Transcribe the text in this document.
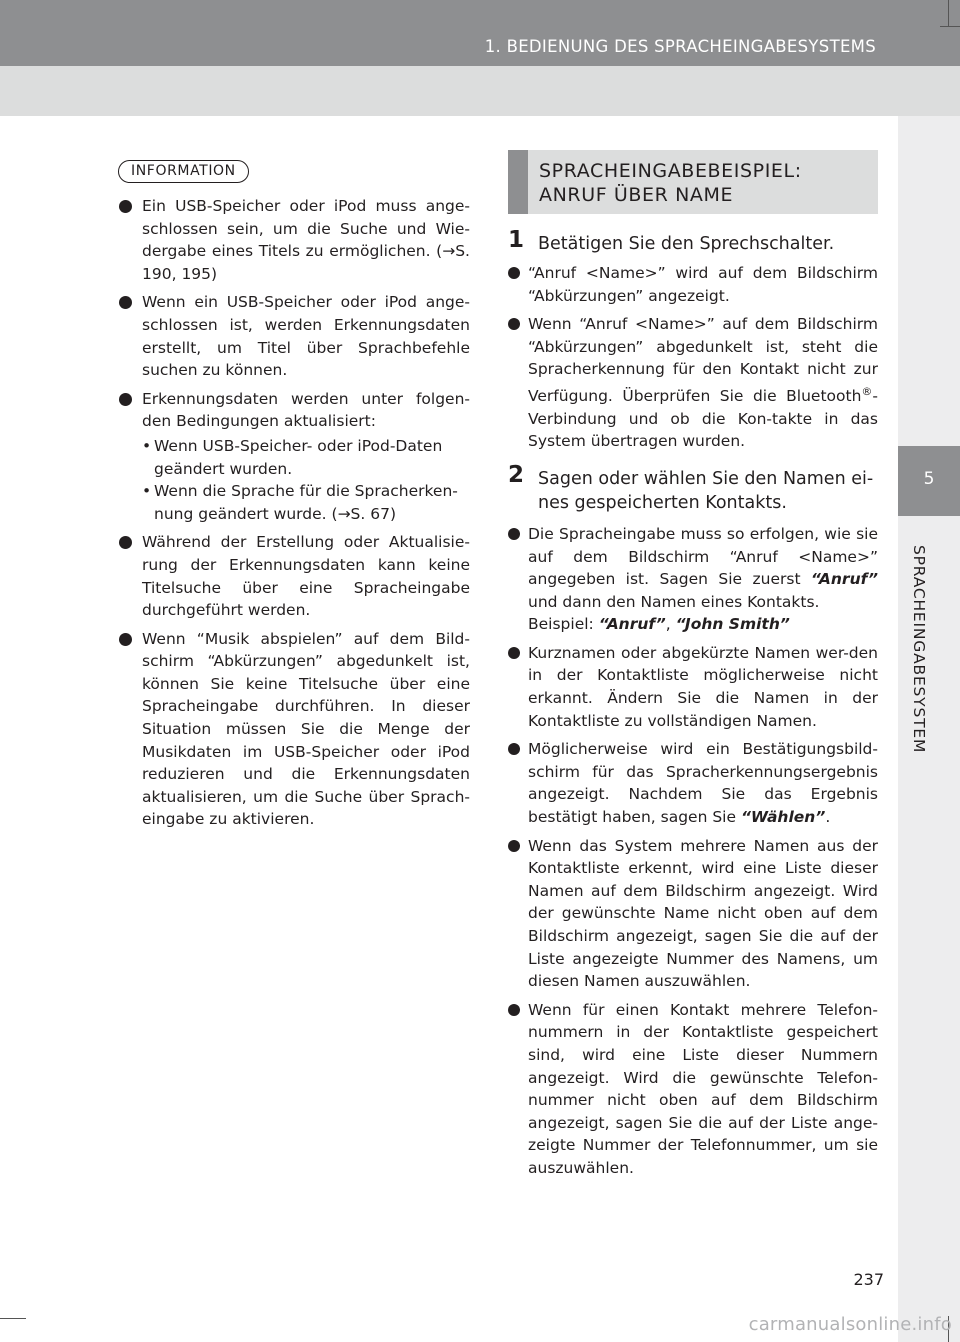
1. BEDIENUNG DES SPRACHEINGABESYSTEMS
5
SPRACHEINGABESYSTEM
INFORMATION
Ein USB-Speicher oder iPod muss ange-schlossen sein, um die Suche und Wie-dergabe eines Titels zu ermöglichen. (→S. 190, 195)
Wenn ein USB-Speicher oder iPod ange-schlossen ist, werden Erkennungsdaten erstellt, um Titel über Sprachbefehle suchen zu können.
Erkennungsdaten werden unter folgen-den Bedingungen aktualisiert:
• Wenn USB-Speicher- oder iPod-Daten geändert wurden.
• Wenn die Sprache für die Spracherken-nung geändert wurde. (→S. 67)
Während der Erstellung oder Aktualisie-rung der Erkennungsdaten kann keine Titelsuche über eine Spracheingabe durchgeführt werden.
Wenn “Musik abspielen” auf dem Bild-schirm “Abkürzungen” abgedunkelt ist, können Sie keine Titelsuche über eine Spracheingabe durchführen. In dieser Situation müssen Sie die Menge der Musikdaten im USB-Speicher oder iPod reduzieren und die Erkennungsdaten aktualisieren, um die Suche über Sprach-eingabe zu aktivieren.
SPRACHEINGABEBEISPIEL:
ANRUF ÜBER NAME
1 Betätigen Sie den Sprechschalter.
“Anruf <Name>” wird auf dem Bildschirm “Abkürzungen” angezeigt.
Wenn “Anruf <Name>” auf dem Bildschirm “Abkürzungen” abgedunkelt ist, steht die Spracherkennung für den Kontakt nicht zur Verfügung. Überprüfen Sie die Bluetooth®-Verbindung und ob die Kon-takte in das System übertragen wurden.
2 Sagen oder wählen Sie den Namen ei-nes gespeicherten Kontakts.
Die Spracheingabe muss so erfolgen, wie sie auf dem Bildschirm “Anruf <Name>” angegeben ist. Sagen Sie zuerst “Anruf” und dann den Namen eines Kontakts.
Beispiel: “Anruf”, “John Smith”
Kurznamen oder abgekürzte Namen wer-den in der Kontaktliste möglicherweise nicht erkannt. Ändern Sie die Namen in der Kontaktliste zu vollständigen Namen.
Möglicherweise wird ein Bestätigungsbild-schirm für das Spracherkennungsergebnis angezeigt. Nachdem Sie das Ergebnis bestätigt haben, sagen Sie “Wählen”.
Wenn das System mehrere Namen aus der Kontaktliste erkennt, wird eine Liste dieser Namen auf dem Bildschirm angezeigt. Wird der gewünschte Name nicht oben auf dem Bildschirm angezeigt, sagen Sie die auf der Liste angezeigte Nummer des Namens, um diesen Namen auszuwählen.
Wenn für einen Kontakt mehrere Telefon-nummern in der Kontaktliste gespeichert sind, wird eine Liste dieser Nummern angezeigt. Wird die gewünschte Telefon-nummer nicht oben auf dem Bildschirm angezeigt, sagen Sie die auf der Liste ange-zeigte Nummer der Telefonnummer, um sie auszuwählen.
237
carmanualsonline.info
